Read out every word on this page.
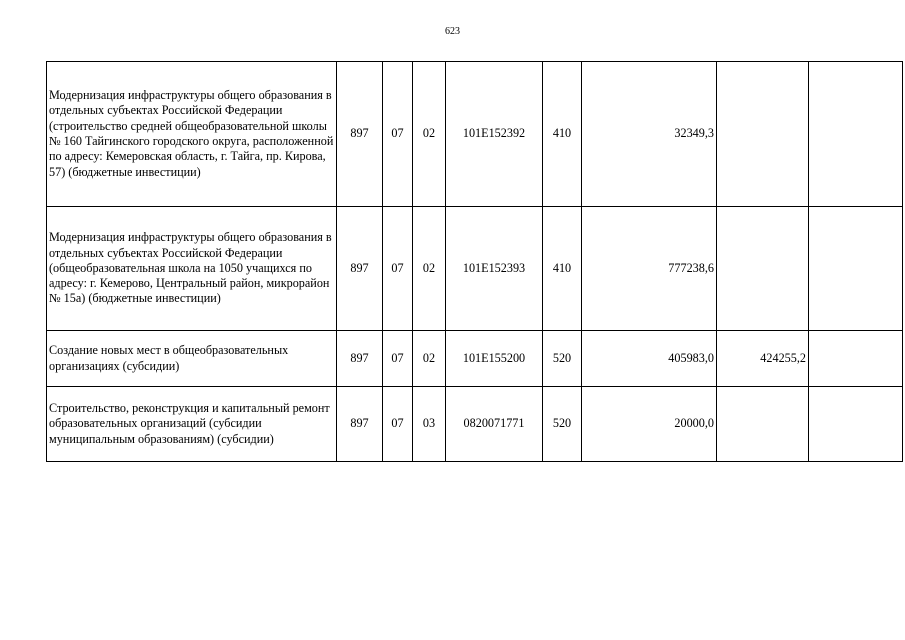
623
Модернизация инфраструктуры общего образования в отдельных субъектах Российской Федерации (строительство средней общеобразовательной школы № 160 Тайгинского городского округа, расположенной по адресу: Кемеровская область, г. Тайга, пр. Кирова, 57) (бюджетные инвестиции)	897	07	02	101E152392	410	32349,3		
Модернизация инфраструктуры общего образования в отдельных субъектах Российской Федерации (общеобразовательная школа на 1050 учащихся по адресу: г. Кемерово, Центральный район, микрорайон № 15а) (бюджетные инвестиции)	897	07	02	101E152393	410	777238,6		
Создание новых мест в общеобразовательных организациях (субсидии)	897	07	02	101E155200	520	405983,0	424255,2	
Строительство, реконструкция и капитальный ремонт образовательных организаций (субсидии муниципальным образованиям) (субсидии)	897	07	03	0820071771	520	20000,0		
